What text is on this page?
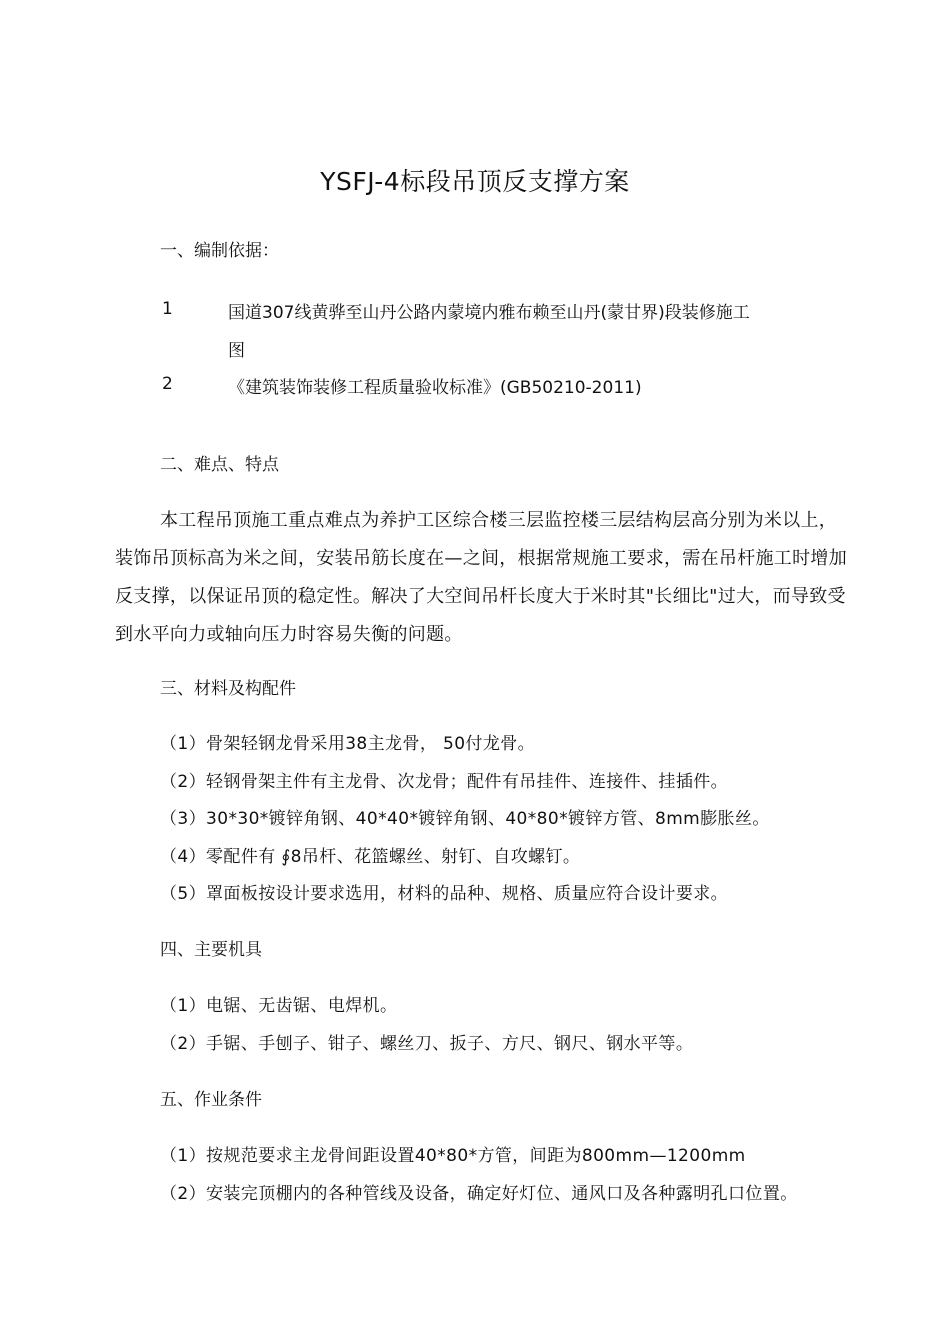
YSFJ-4标段吊顶反支撑方案
一、编制依据：
1	国道307线黄骅至山丹公路内蒙境内雅布赖至山丹(蒙甘界)段装修施工
图
2	《建筑装饰装修工程质量验收标准》(GB50210-2011)
二、难点、特点
本工程吊顶施工重点难点为养护工区综合楼三层监控楼三层结构层高分别为米以上，
装饰吊顶标高为米之间，安装吊筋长度在—之间，根据常规施工要求，需在吊杆施工时增加
反支撑，以保证吊顶的稳定性。解决了大空间吊杆长度大于米时其"长细比"过大，而导致受
到水平向力或轴向压力时容易失衡的问题。
三、材料及构配件
（1）骨架轻钢龙骨采用38主龙骨， 50付龙骨。
（2）轻钢骨架主件有主龙骨、次龙骨；配件有吊挂件、连接件、挂插件。
（3）30*30*镀锌角钢、40*40*镀锌角钢、40*80*镀锌方管、8mm膨胀丝。
（4）零配件有 ∮8吊杆、花篮螺丝、射钉、自攻螺钉。
（5）罩面板按设计要求选用，材料的品种、规格、质量应符合设计要求。
四、主要机具
（1）电锯、无齿锯、电焊机。
（2）手锯、手刨子、钳子、螺丝刀、扳子、方尺、钢尺、钢水平等。
五、作业条件
（1）按规范要求主龙骨间距设置40*80*方管，间距为800mm—1200mm
（2）安装完顶棚内的各种管线及设备，确定好灯位、通风口及各种露明孔口位置。
